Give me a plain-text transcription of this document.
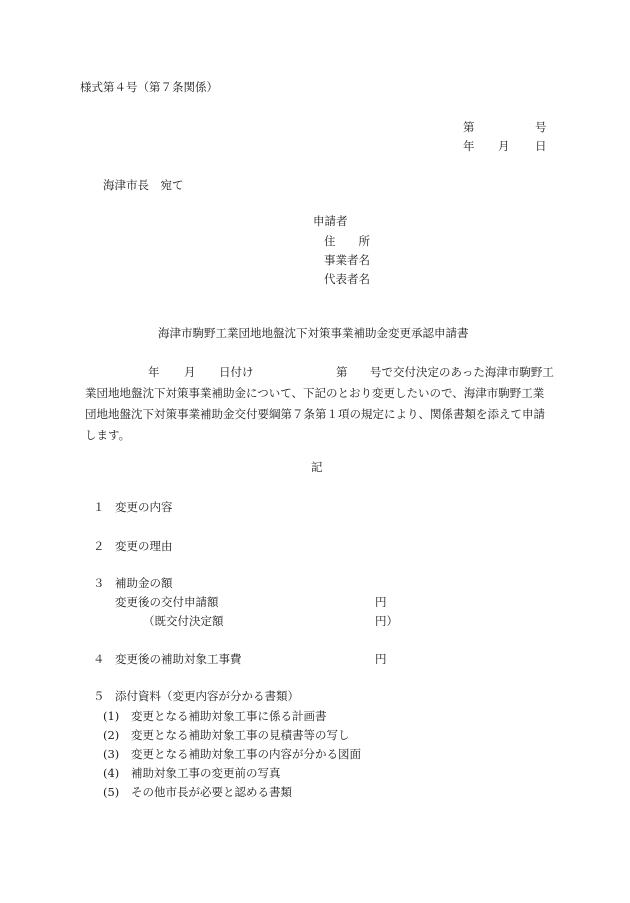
様式第４号（第７条関係）
第	号
年 月 日
海津市長　宛て
申請者
住　　所
事業者名
代表者名
海津市駒野工業団地地盤沈下対策事業補助金変更承認申請書
年 月 日付け	第 号で交付決定のあった海津市駒野工
業団地地盤沈下対策事業補助金について、下記のとおり変更したいので、海津市駒野工業
団地地盤沈下対策事業補助金交付要綱第７条第１項の規定により、関係書類を添えて申請
します。
記
１ 変更の内容
２ 変更の理由
３ 補助金の額
変更後の交付申請額	円
（既交付決定額	円）
４ 変更後の補助対象工事費	円
５ 添付資料（変更内容が分かる書類）
(1) 変更となる補助対象工事に係る計画書
(2) 変更となる補助対象工事の見積書等の写し
(3) 変更となる補助対象工事の内容が分かる図面
(4) 補助対象工事の変更前の写真
(5) その他市長が必要と認める書類
